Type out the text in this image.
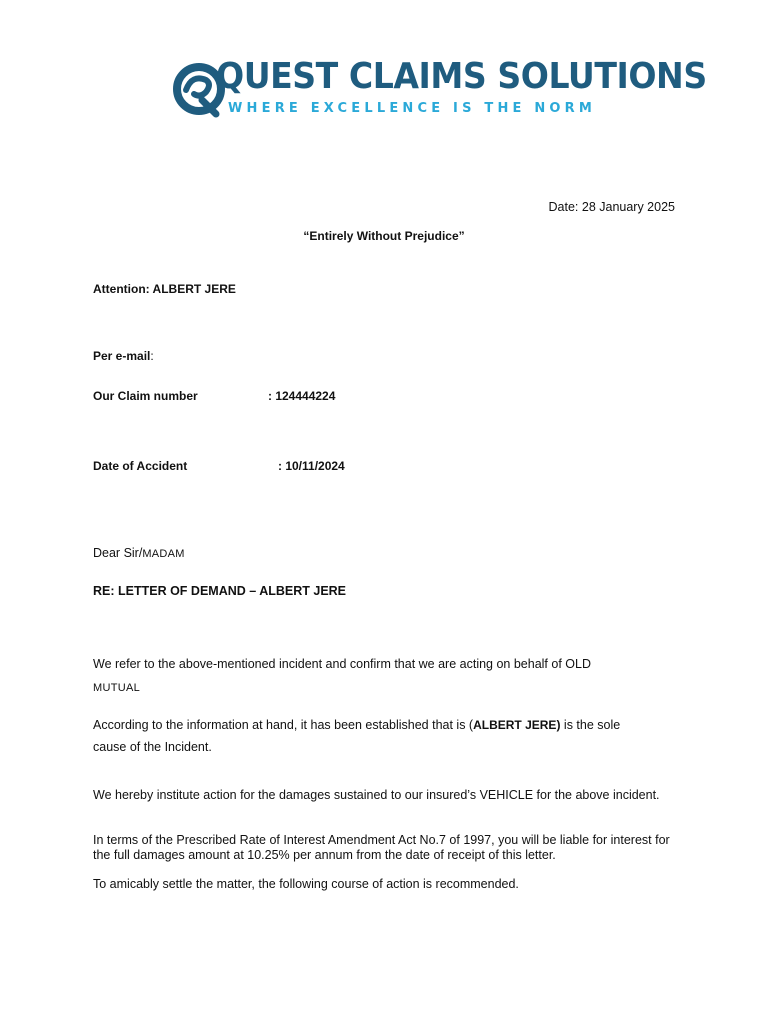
QUEST CLAIMS SOLUTIONS
WHERE EXCELLENCE IS THE NORM
Date: 28 January 2025
“Entirely Without Prejudice”
Attention: ALBERT JERE
Per e-mail:
Our Claim number	: 124444224
Date of Accident	: 10/11/2024
Dear Sir/MADAM
RE: LETTER OF DEMAND – ALBERT JERE
We refer to the above-mentioned incident and confirm that we are acting on behalf of OLD
MUTUAL
According to the information at hand, it has been established that is (ALBERT JERE) is the sole
cause of the Incident.
We hereby institute action for the damages sustained to our insured’s VEHICLE for the above incident.
In terms of the Prescribed Rate of Interest Amendment Act No.7 of 1997, you will be liable for interest for the full damages amount at 10.25% per annum from the date of receipt of this letter.
To amicably settle the matter, the following course of action is recommended.
